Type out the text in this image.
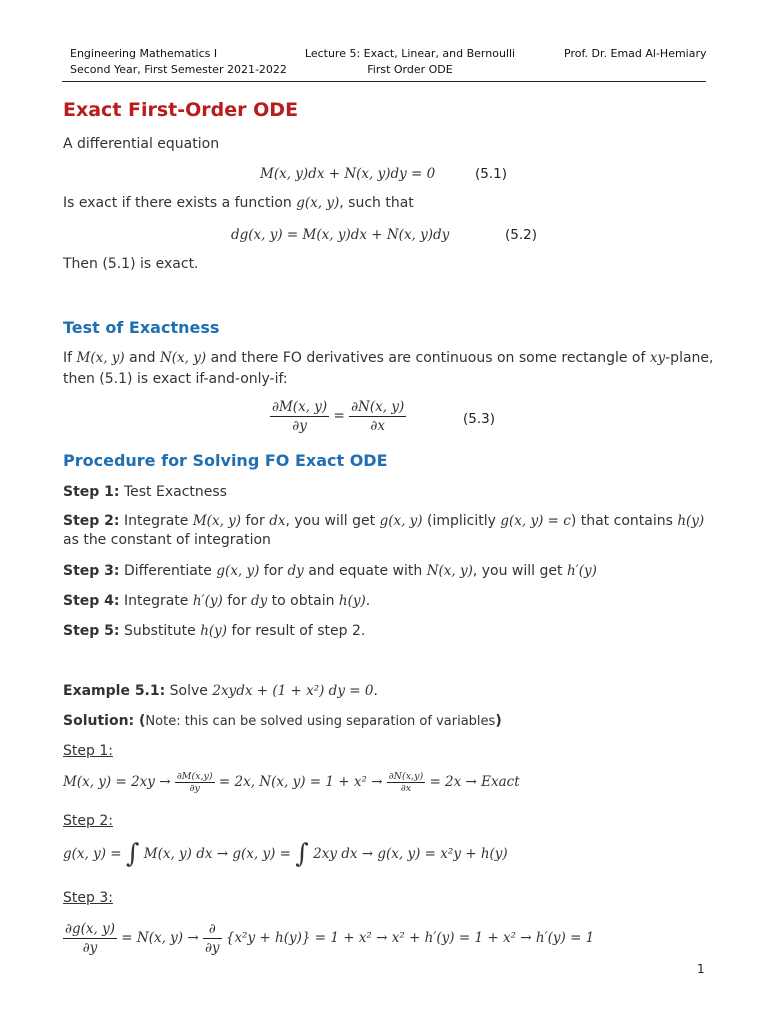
Engineering Mathematics I
Second Year, First Semester 2021-2022
Lecture 5: Exact, Linear, and Bernoulli
First Order ODE
Prof. Dr. Emad Al-Hemiary
Exact First-Order ODE
A differential equation
M(x, y)dx + N(x, y)dy = 0	(5.1)
Is exact if there exists a function g(x, y), such that
dg(x, y) = M(x, y)dx + N(x, y)dy	(5.2)
Then (5.1) is exact.
Test of Exactness
If M(x, y) and N(x, y) and there FO derivatives are continuous on some rectangle of xy-plane,
then (5.1) is exact if-and-only-if:
$\frac{\partial M(x, y)}{\partial y} = \frac{\partial N(x, y)}{\partial x}$	(5.3)
Procedure for Solving FO Exact ODE
Step 1: Test Exactness
Step 2: Integrate M(x, y) for dx, you will get g(x, y) (implicitly g(x, y) = c) that contains h(y)
as the constant of integration
Step 3: Differentiate g(x, y) for dy and equate with N(x, y), you will get h′(y)
Step 4: Integrate h′(y) for dy to obtain h(y).
Step 5: Substitute h(y) for result of step 2.
Example 5.1: Solve 2xydx + (1 + x²) dy = 0.
Solution: (Note: this can be solved using separation of variables)
Step 1:
M(x, $y) = 2xy \to \frac{\partial M(x,y)}{\partial y} = 2x$, N(x, $y) = 1 + x^2 \to \frac{\partial N(x,y)}{\partial x} = 2x$ → Exact
Step 2:
g(x, y) = ∫ M(x, y) dx → g(x, y) = ∫ 2xy dx → g(x, y) = x²y + h(y)
Step 3:
$\frac{\partial g(x, y)}{\partial y} = N(x$, $y) \to \frac{\partial}{\partial y} \{x^2y + h(y)\} = 1 + x^2 \to x^2 + h'(y) = 1 + x^2 \to h'(y) = 1$
1
